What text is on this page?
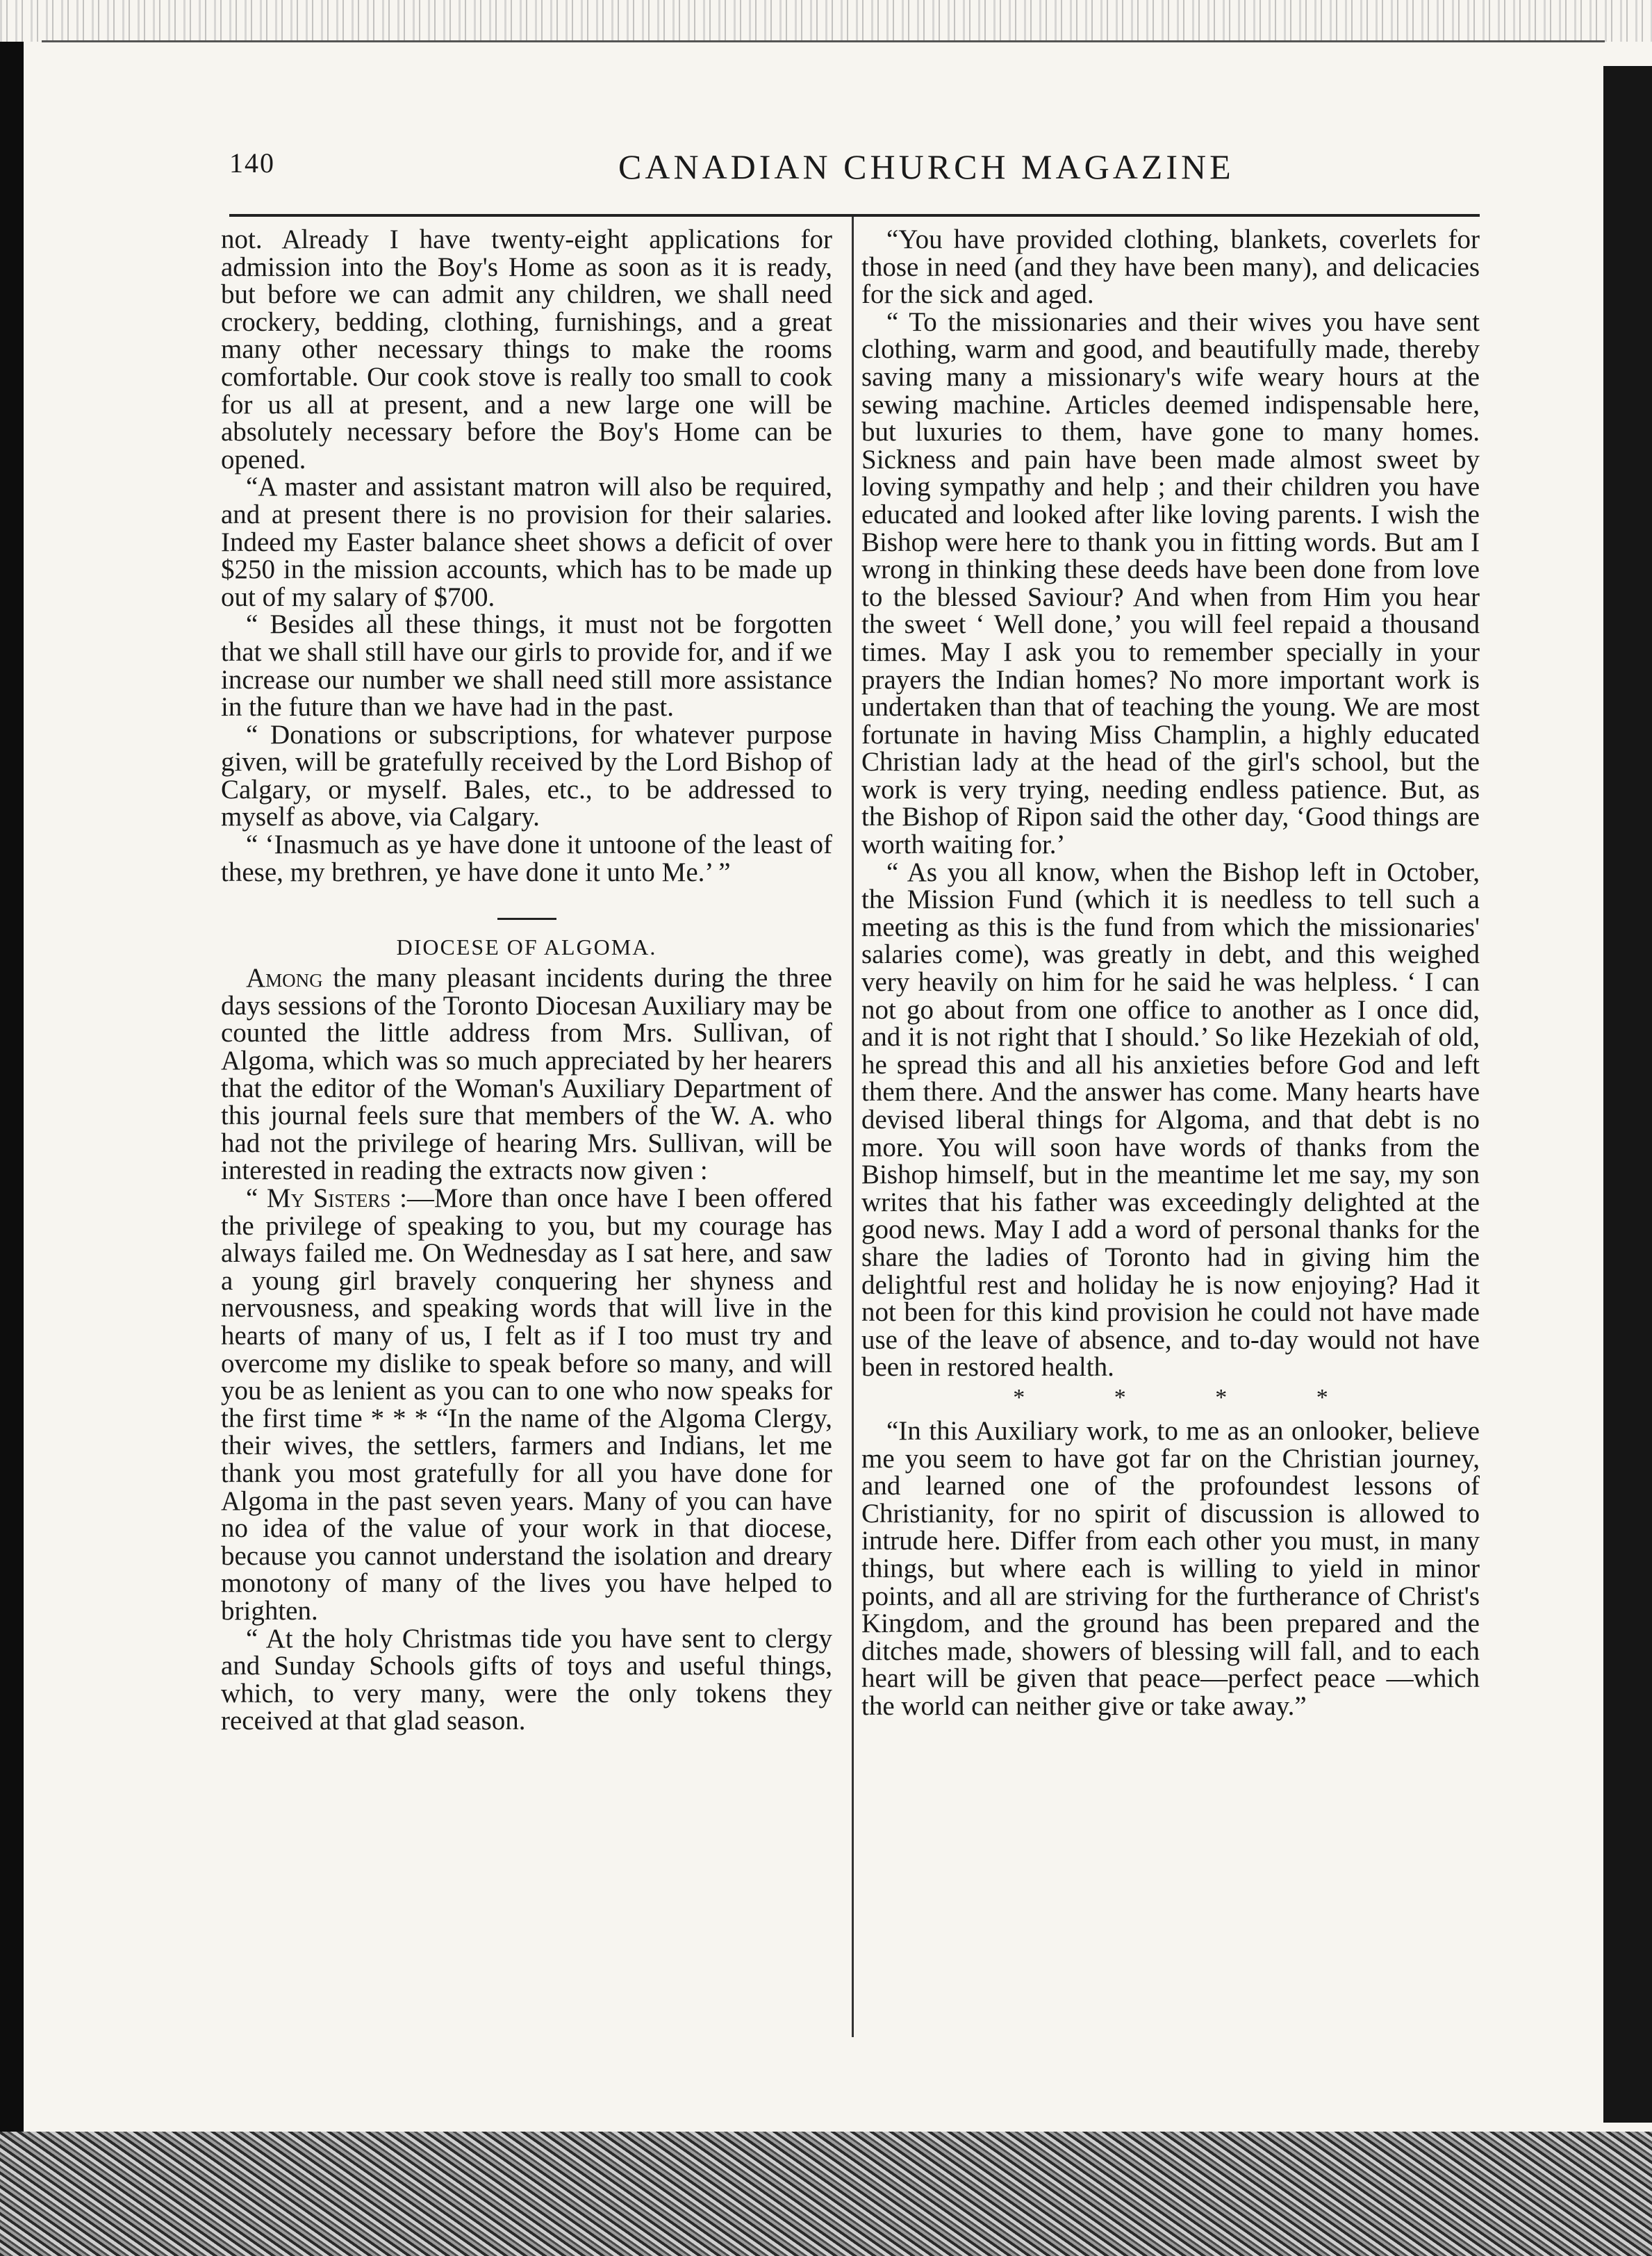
140	CANADIAN CHURCH MAGAZINE

not. Already I have twenty-eight applications for admission into the Boy's Home as soon as it is ready, but before we can admit any children, we shall need crockery, bedding, clothing, furnishings, and a great many other necessary things to make the rooms comfortable. Our cook stove is really too small to cook for us all at present, and a new large one will be absolutely necessary before the Boy's Home can be opened.

“A master and assistant matron will also be required, and at present there is no provision for their salaries. Indeed my Easter balance sheet shows a deficit of over $250 in the mission accounts, which has to be made up out of my salary of $700.

“ Besides all these things, it must not be forgotten that we shall still have our girls to provide for, and if we increase our number we shall need still more assistance in the future than we have had in the past.

“ Donations or subscriptions, for whatever purpose given, will be gratefully received by the Lord Bishop of Calgary, or myself. Bales, etc., to be addressed to myself as above, via Calgary.

“ ‘Inasmuch as ye have done it untoone of the least of these, my brethren, ye have done it unto Me.’ ”

DIOCESE OF ALGOMA.

Among the many pleasant incidents during the three days sessions of the Toronto Diocesan Auxiliary may be counted the little address from Mrs. Sullivan, of Algoma, which was so much appreciated by her hearers that the editor of the Woman's Auxiliary Department of this journal feels sure that members of the W. A. who had not the privilege of hearing Mrs. Sullivan, will be interested in reading the extracts now given :

“ My Sisters :—More than once have I been offered the privilege of speaking to you, but my courage has always failed me. On Wednesday as I sat here, and saw a young girl bravely conquering her shyness and nervousness, and speaking words that will live in the hearts of many of us, I felt as if I too must try and overcome my dislike to speak before so many, and will you be as lenient as you can to one who now speaks for the first time * * * “In the name of the Algoma Clergy, their wives, the settlers, farmers and Indians, let me thank you most gratefully for all you have done for Algoma in the past seven years. Many of you can have no idea of the value of your work in that diocese, because you cannot understand the isolation and dreary monotony of many of the lives you have helped to brighten.

“ At the holy Christmas tide you have sent to clergy and Sunday Schools gifts of toys and useful things, which, to very many, were the only tokens they received at that glad season.

“You have provided clothing, blankets, coverlets for those in need (and they have been many), and delicacies for the sick and aged.

“ To the missionaries and their wives you have sent clothing, warm and good, and beautifully made, thereby saving many a missionary's wife weary hours at the sewing machine. Articles deemed indispensable here, but luxuries to them, have gone to many homes. Sickness and pain have been made almost sweet by loving sympathy and help ; and their children you have educated and looked after like loving parents. I wish the Bishop were here to thank you in fitting words. But am I wrong in thinking these deeds have been done from love to the blessed Saviour? And when from Him you hear the sweet ‘ Well done,’ you will feel repaid a thousand times. May I ask you to remember specially in your prayers the Indian homes? No more important work is undertaken than that of teaching the young. We are most fortunate in having Miss Champlin, a highly educated Christian lady at the head of the girl's school, but the work is very trying, needing endless patience. But, as the Bishop of Ripon said the other day, ‘Good things are worth waiting for.’

“ As you all know, when the Bishop left in October, the Mission Fund (which it is needless to tell such a meeting as this is the fund from which the missionaries' salaries come), was greatly in debt, and this weighed very heavily on him for he said he was helpless. ‘ I can not go about from one office to another as I once did, and it is not right that I should.’ So like Hezekiah of old, he spread this and all his anxieties before God and left them there. And the answer has come. Many hearts have devised liberal things for Algoma, and that debt is no more. You will soon have words of thanks from the Bishop himself, but in the meantime let me say, my son writes that his father was exceedingly delighted at the good news. May I add a word of personal thanks for the share the ladies of Toronto had in giving him the delightful rest and holiday he is now enjoying? Had it not been for this kind provision he could not have made use of the leave of absence, and to-day would not have been in restored health.

* * * *

“In this Auxiliary work, to me as an onlooker, believe me you seem to have got far on the Christian journey, and learned one of the profoundest lessons of Christianity, for no spirit of discussion is allowed to intrude here. Differ from each other you must, in many things, but where each is willing to yield in minor points, and all are striving for the furtherance of Christ's Kingdom, and the ground has been prepared and the ditches made, showers of blessing will fall, and to each heart will be given that peace—perfect peace —which the world can neither give or take away.”
